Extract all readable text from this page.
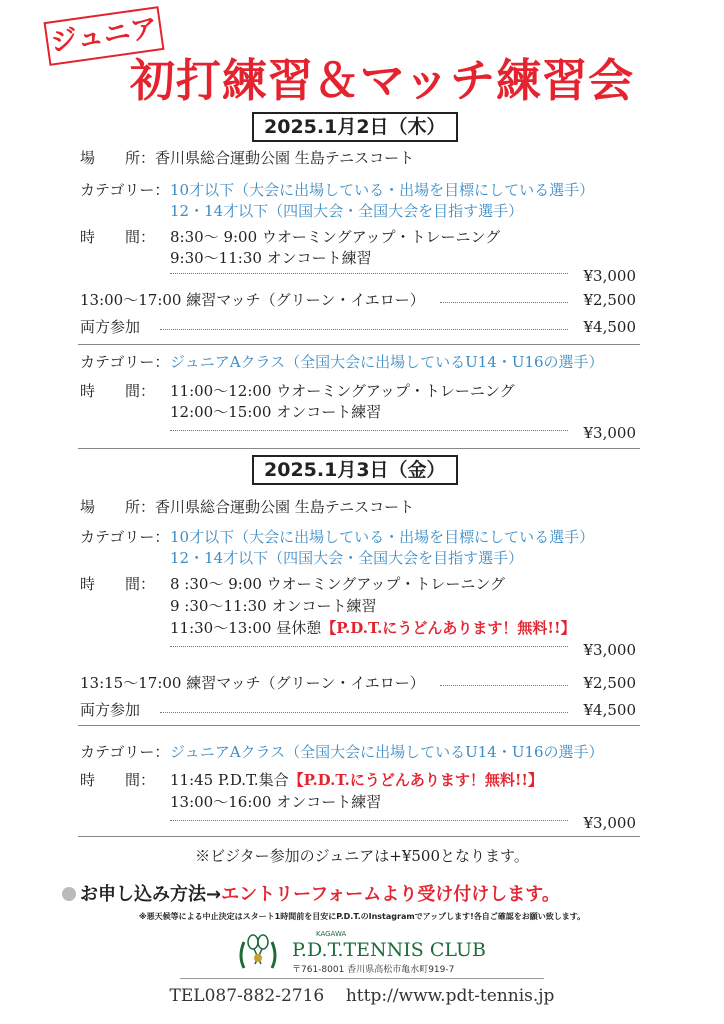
ジュニア
初打練習＆マッチ練習会
2025.1月2日（木）
場　　所：香川県総合運動公園 生島テニスコート
カテゴリー： 10才以下（大会に出場している・出場を目標にしている選手）
12・14才以下（四国大会・全国大会を目指す選手）
時　　間： 8:30～ 9:00 ウオーミングアップ・トレーニング
9:30～11:30 オンコート練習
¥3,000
13:00～17:00 練習マッチ（グリーン・イエロー）	¥2,500
両方参加	¥4,500
カテゴリー： ジュニアAクラス（全国大会に出場しているU14・U16の選手）
時　　間： 11:00～12:00 ウオーミングアップ・トレーニング
12:00～15:00 オンコート練習
¥3,000
2025.1月3日（金）
場　　所：香川県総合運動公園 生島テニスコート
カテゴリー： 10才以下（大会に出場している・出場を目標にしている選手）
12・14才以下（四国大会・全国大会を目指す選手）
時　　間： 8 :30～ 9:00 ウオーミングアップ・トレーニング
9 :30～11:30 オンコート練習
11:30～13:00 昼休憩【P.D.T.にうどんあります！無料!!】
¥3,000
13:15～17:00 練習マッチ（グリーン・イエロー）	¥2,500
両方参加	¥4,500
カテゴリー： ジュニアAクラス（全国大会に出場しているU14・U16の選手）
時　　間： 11:45 P.D.T.集合【P.D.T.にうどんあります！無料!!】
13:00～16:00 オンコート練習
¥3,000
※ビジター参加のジュニアは+¥500となります。
お申し込み方法→エントリーフォームより受け付けします。
※悪天候等による中止決定はスタート1時間前を目安にP.D.T.のInstagramでアップします!各自ご確認をお願い致します。
KAGAWA
P.D.T.TENNIS CLUB
〒761-8001 香川県高松市亀水町919-7
TEL087-882-2716 http://www.pdt-tennis.jp
